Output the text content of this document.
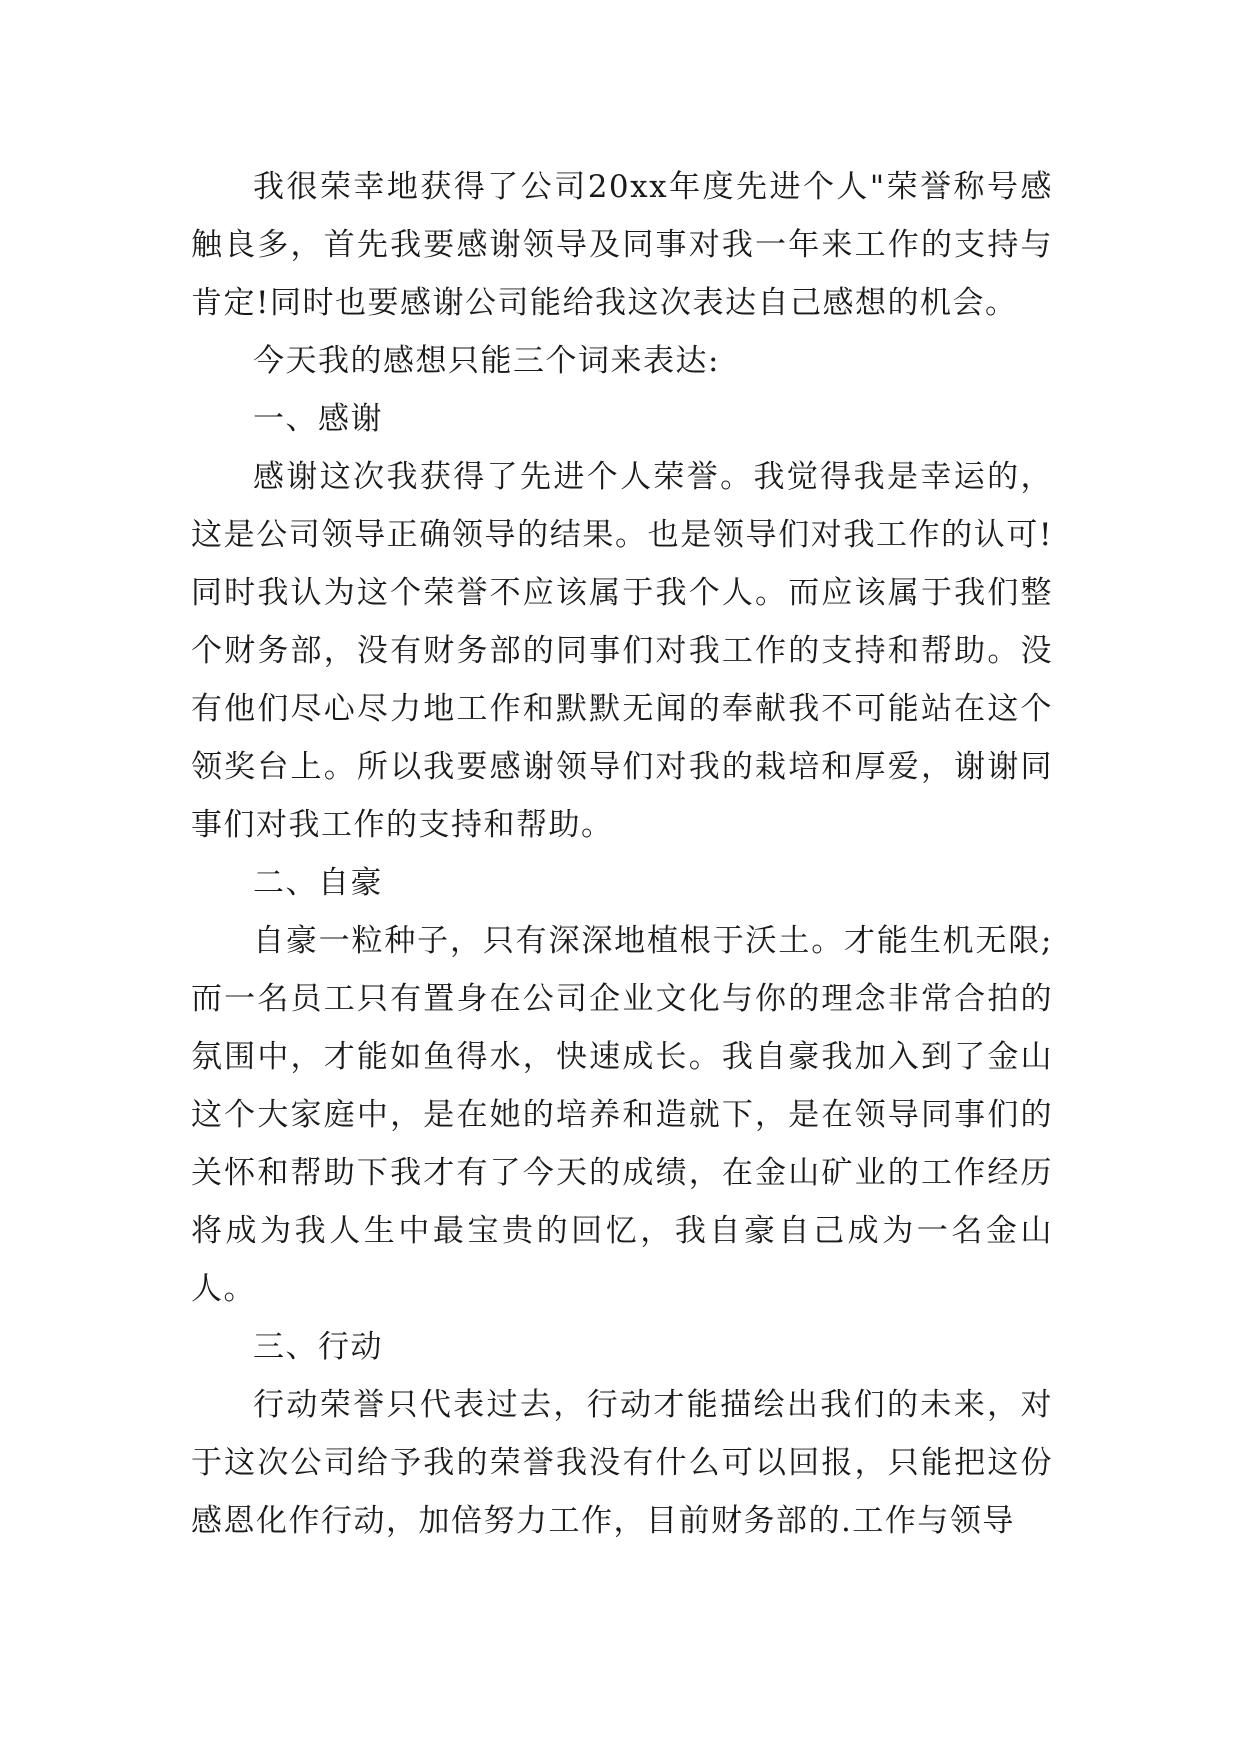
我很荣幸地获得了公司20xx年度先进个人"荣誉称号感触良多，首先我要感谢领导及同事对我一年来工作的支持与肯定!同时也要感谢公司能给我这次表达自己感想的机会。

今天我的感想只能三个词来表达:

一、感谢

感谢这次我获得了先进个人荣誉。我觉得我是幸运的，这是公司领导正确领导的结果。也是领导们对我工作的认可!同时我认为这个荣誉不应该属于我个人。而应该属于我们整个财务部，没有财务部的同事们对我工作的支持和帮助。没有他们尽心尽力地工作和默默无闻的奉献我不可能站在这个领奖台上。所以我要感谢领导们对我的栽培和厚爱，谢谢同事们对我工作的支持和帮助。

二、自豪

自豪一粒种子，只有深深地植根于沃土。才能生机无限;而一名员工只有置身在公司企业文化与你的理念非常合拍的氛围中，才能如鱼得水，快速成长。我自豪我加入到了金山这个大家庭中，是在她的培养和造就下，是在领导同事们的关怀和帮助下我才有了今天的成绩，在金山矿业的工作经历将成为我人生中最宝贵的回忆，我自豪自己成为一名金山人。

三、行动

行动荣誉只代表过去，行动才能描绘出我们的未来，对于这次公司给予我的荣誉我没有什么可以回报，只能把这份感恩化作行动，加倍努力工作，目前财务部的.工作与领导
